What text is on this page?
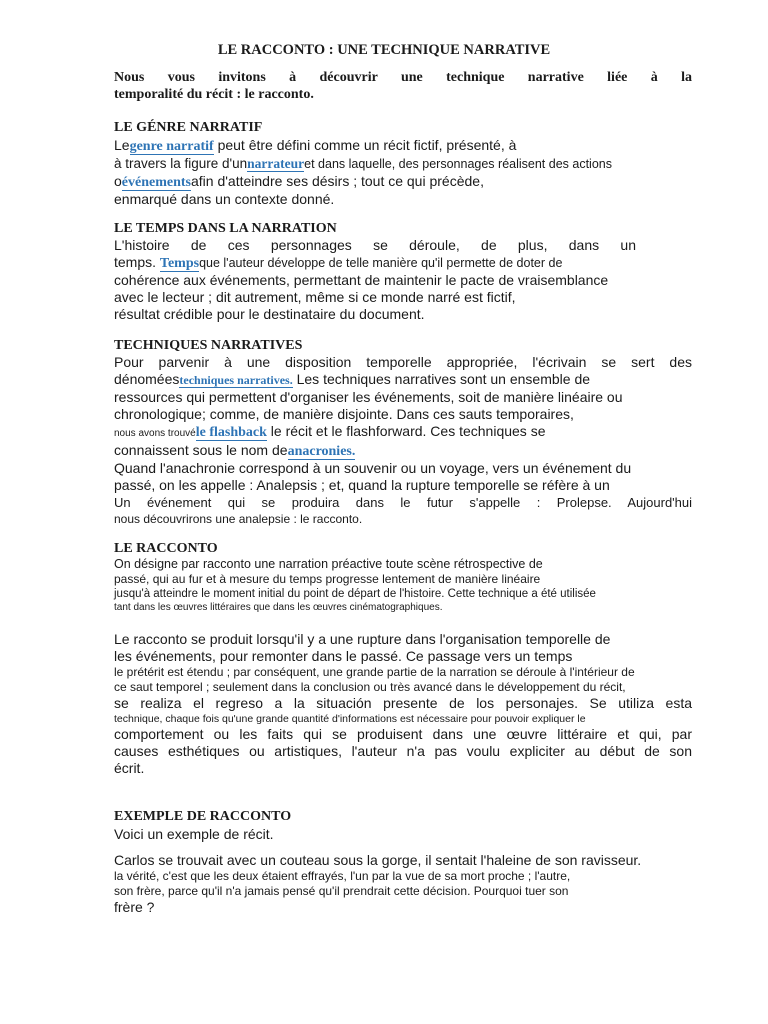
LE RACCONTO : UNE TECHNIQUE NARRATIVE
Nous vous invitons à découvrir une technique narrative liée à la
temporalité du récit : le racconto.
LE GÉNRE NARRATIF
Legenre narratif peut être défini comme un récit fictif, présenté, à
à travers la figure d'unnarrateuret dans laquelle, des personnages réalisent des actions
oévénementsafin d'atteindre ses désirs ; tout ce qui précède,
enmarqué dans un contexte donné.
LE TEMPS DANS LA NARRATION
L'histoire de ces personnages se déroule, de plus, dans un
temps. Tempsque l'auteur développe de telle manière qu'il permette de doter de
cohérence aux événements, permettant de maintenir le pacte de vraisemblance
avec le lecteur ; dit autrement, même si ce monde narré est fictif,
résultat crédible pour le destinataire du document.
TECHNIQUES NARRATIVES
Pour parvenir à une disposition temporelle appropriée, l'écrivain se sert des
dénoméestechniques narratives. Les techniques narratives sont un ensemble de
ressources qui permettent d'organiser les événements, soit de manière linéaire ou
chronologique; comme, de manière disjointe. Dans ces sauts temporaires,
nous avons trouvéle flashback le récit et le flashforward. Ces techniques se
connaissent sous le nom deanacronies.
Quand l'anachronie correspond à un souvenir ou un voyage, vers un événement du
passé, on les appelle : Analepsis ; et, quand la rupture temporelle se réfère à un
Un événement qui se produira dans le futur s'appelle : Prolepse. Aujourd'hui
nous découvrirons une analepsie : le racconto.
LE RACCONTO
On désigne par racconto une narration préactive toute scène rétrospective de
passé, qui au fur et à mesure du temps progresse lentement de manière linéaire
jusqu'à atteindre le moment initial du point de départ de l'histoire. Cette technique a été utilisée
tant dans les œuvres littéraires que dans les œuvres cinématographiques.
Le racconto se produit lorsqu'il y a une rupture dans l'organisation temporelle de
les événements, pour remonter dans le passé. Ce passage vers un temps
le prétérit est étendu ; par conséquent, une grande partie de la narration se déroule à l'intérieur de
ce saut temporel ; seulement dans la conclusion ou très avancé dans le développement du récit,
se realiza el regreso a la situación presente de los personajes. Se utiliza esta
technique, chaque fois qu'une grande quantité d'informations est nécessaire pour pouvoir expliquer le
comportement ou les faits qui se produisent dans une œuvre littéraire et qui, par
causes esthétiques ou artistiques, l'auteur n'a pas voulu expliciter au début de son
écrit.
EXEMPLE DE RACCONTO
Voici un exemple de récit.
Carlos se trouvait avec un couteau sous la gorge, il sentait l'haleine de son ravisseur.
la vérité, c'est que les deux étaient effrayés, l'un par la vue de sa mort proche ; l'autre,
son frère, parce qu'il n'a jamais pensé qu'il prendrait cette décision. Pourquoi tuer son
frère ?
